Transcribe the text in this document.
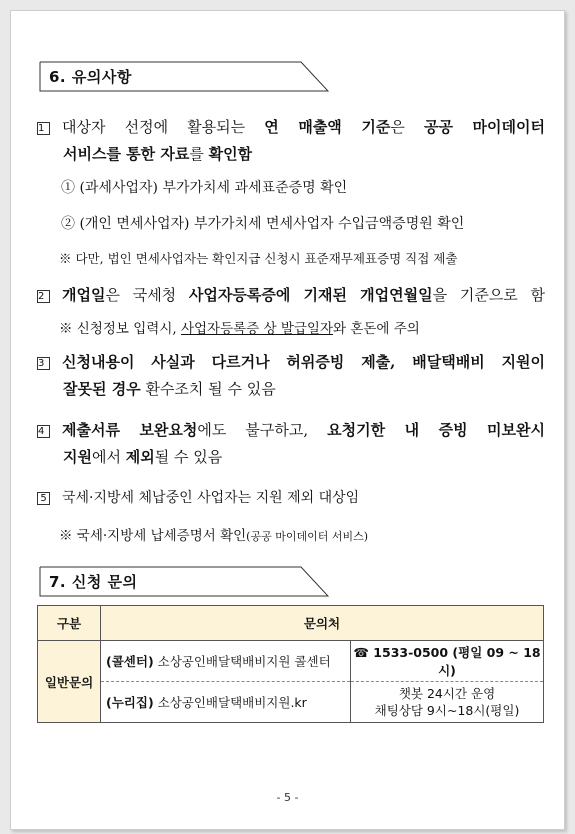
6. 유의사항
1 대상자 선정에 활용되는 연 매출액 기준은 공공 마이데이터
서비스를 통한 자료를 확인함
① (과세사업자) 부가가치세 과세표준증명 확인
② (개인 면세사업자) 부가가치세 면세사업자 수입금액증명원 확인
※ 다만, 법인 면세사업자는 확인지급 신청시 표준재무제표증명 직접 제출
2 개업일은 국세청 사업자등록증에 기재된 개업연월일을 기준으로 함
※ 신청정보 입력시, 사업자등록증 상 발급일자와 혼돈에 주의
3 신청내용이 사실과 다르거나 허위증빙 제출, 배달택배비 지원이
잘못된 경우 환수조치 될 수 있음
4 제출서류 보완요청에도 불구하고, 요청기한 내 증빙 미보완시
지원에서 제외될 수 있음
5 국세·지방세 체납중인 사업자는 지원 제외 대상임
※ 국세·지방세 납세증명서 확인(공공 마이데이터 서비스)
7. 신청 문의
구분	문의처	
일반문의	(콜센터) 소상공인배달택배비지원 콜센터	☎ 1533-0500 (평일 09 ~ 18시)
	(누리집) 소상공인배달택배비지원.kr	챗봇 24시간 운영
채팅상담 9시~18시(평일)
- 5 -
